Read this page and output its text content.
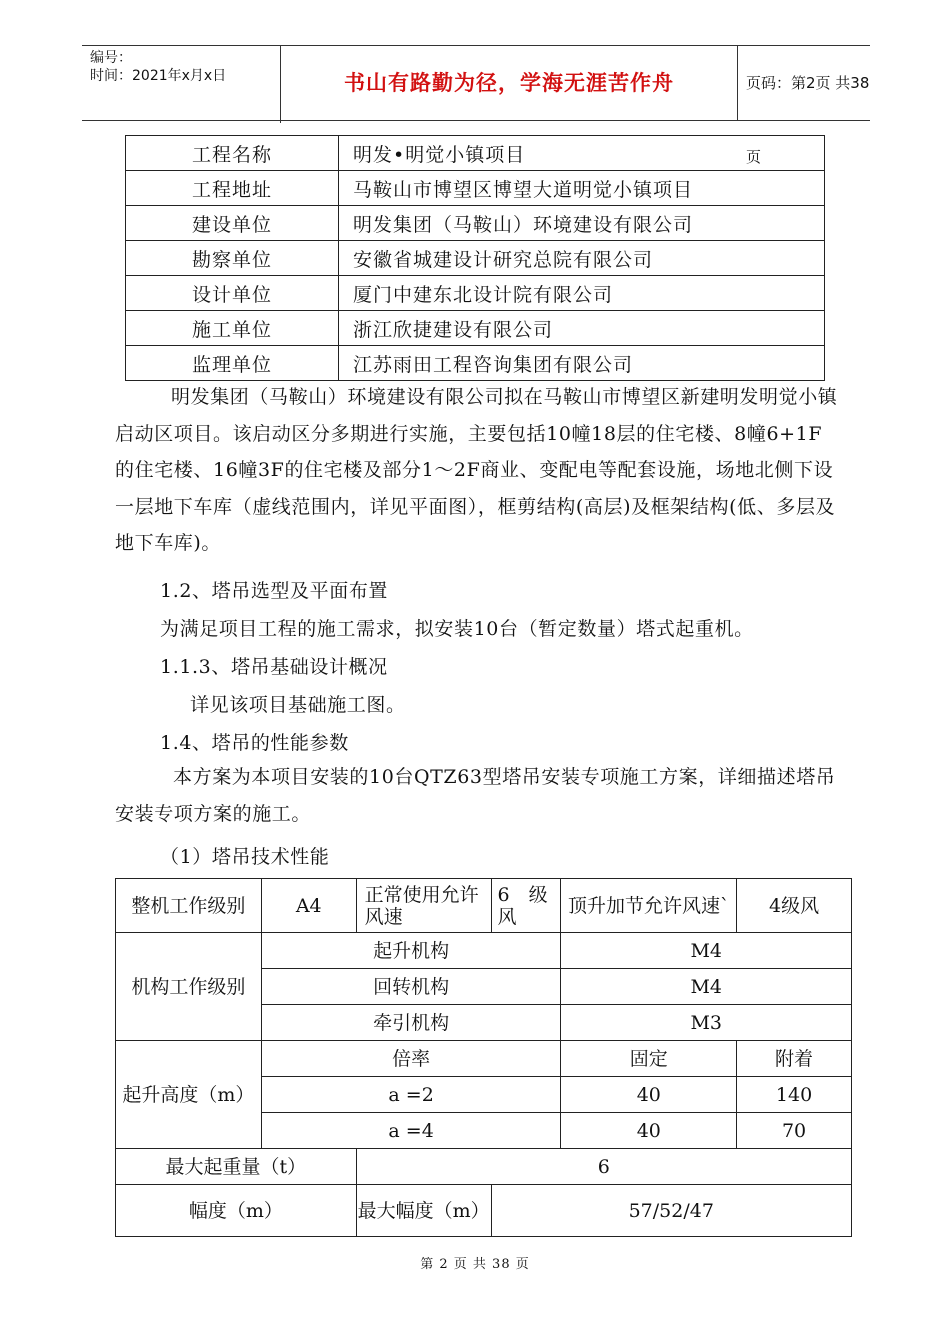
编号：
时间：2021年x月x日	书山有路勤为径，学海无涯苦作舟	页码：第2页 共38页
工程名称	明发•明觉小镇项目
工程地址	马鞍山市博望区博望大道明觉小镇项目
建设单位	明发集团（马鞍山）环境建设有限公司
勘察单位	安徽省城建设计研究总院有限公司
设计单位	厦门中建东北设计院有限公司
施工单位	浙江欣捷建设有限公司
监理单位	江苏雨田工程咨询集团有限公司
明发集团（马鞍山）环境建设有限公司拟在马鞍山市博望区新建明发明觉小镇启动区项目。该启动区分多期进行实施，主要包括10幢18层的住宅楼、8幢6+1F的住宅楼、16幢3F的住宅楼及部分1～2F商业、变配电等配套设施，场地北侧下设一层地下车库（虚线范围内，详见平面图），框剪结构(高层)及框架结构(低、多层及地下车库)。
1.2、塔吊选型及平面布置
为满足项目工程的施工需求，拟安装10台（暂定数量）塔式起重机。
1.1.3、塔吊基础设计概况
详见该项目基础施工图。
1.4、塔吊的性能参数
本方案为本项目安装的10台QTZ63型塔吊安装专项施工方案，详细描述塔吊安装专项方案的施工。
（1）塔吊技术性能
整机工作级别	A4	正常使用允许风速	6　级风	顶升加节允许风速`	4级风
机构工作级别	起升机构			M4	
	回转机构			M4	
	牵引机构			M3	
起升高度（m）	倍率			固定	附着
	a =2			40	140
	a =4			40	70
最大起重量（t）		6			
幅度（m）		最大幅度（m）	57/52/47		
第 2 页 共 38 页
